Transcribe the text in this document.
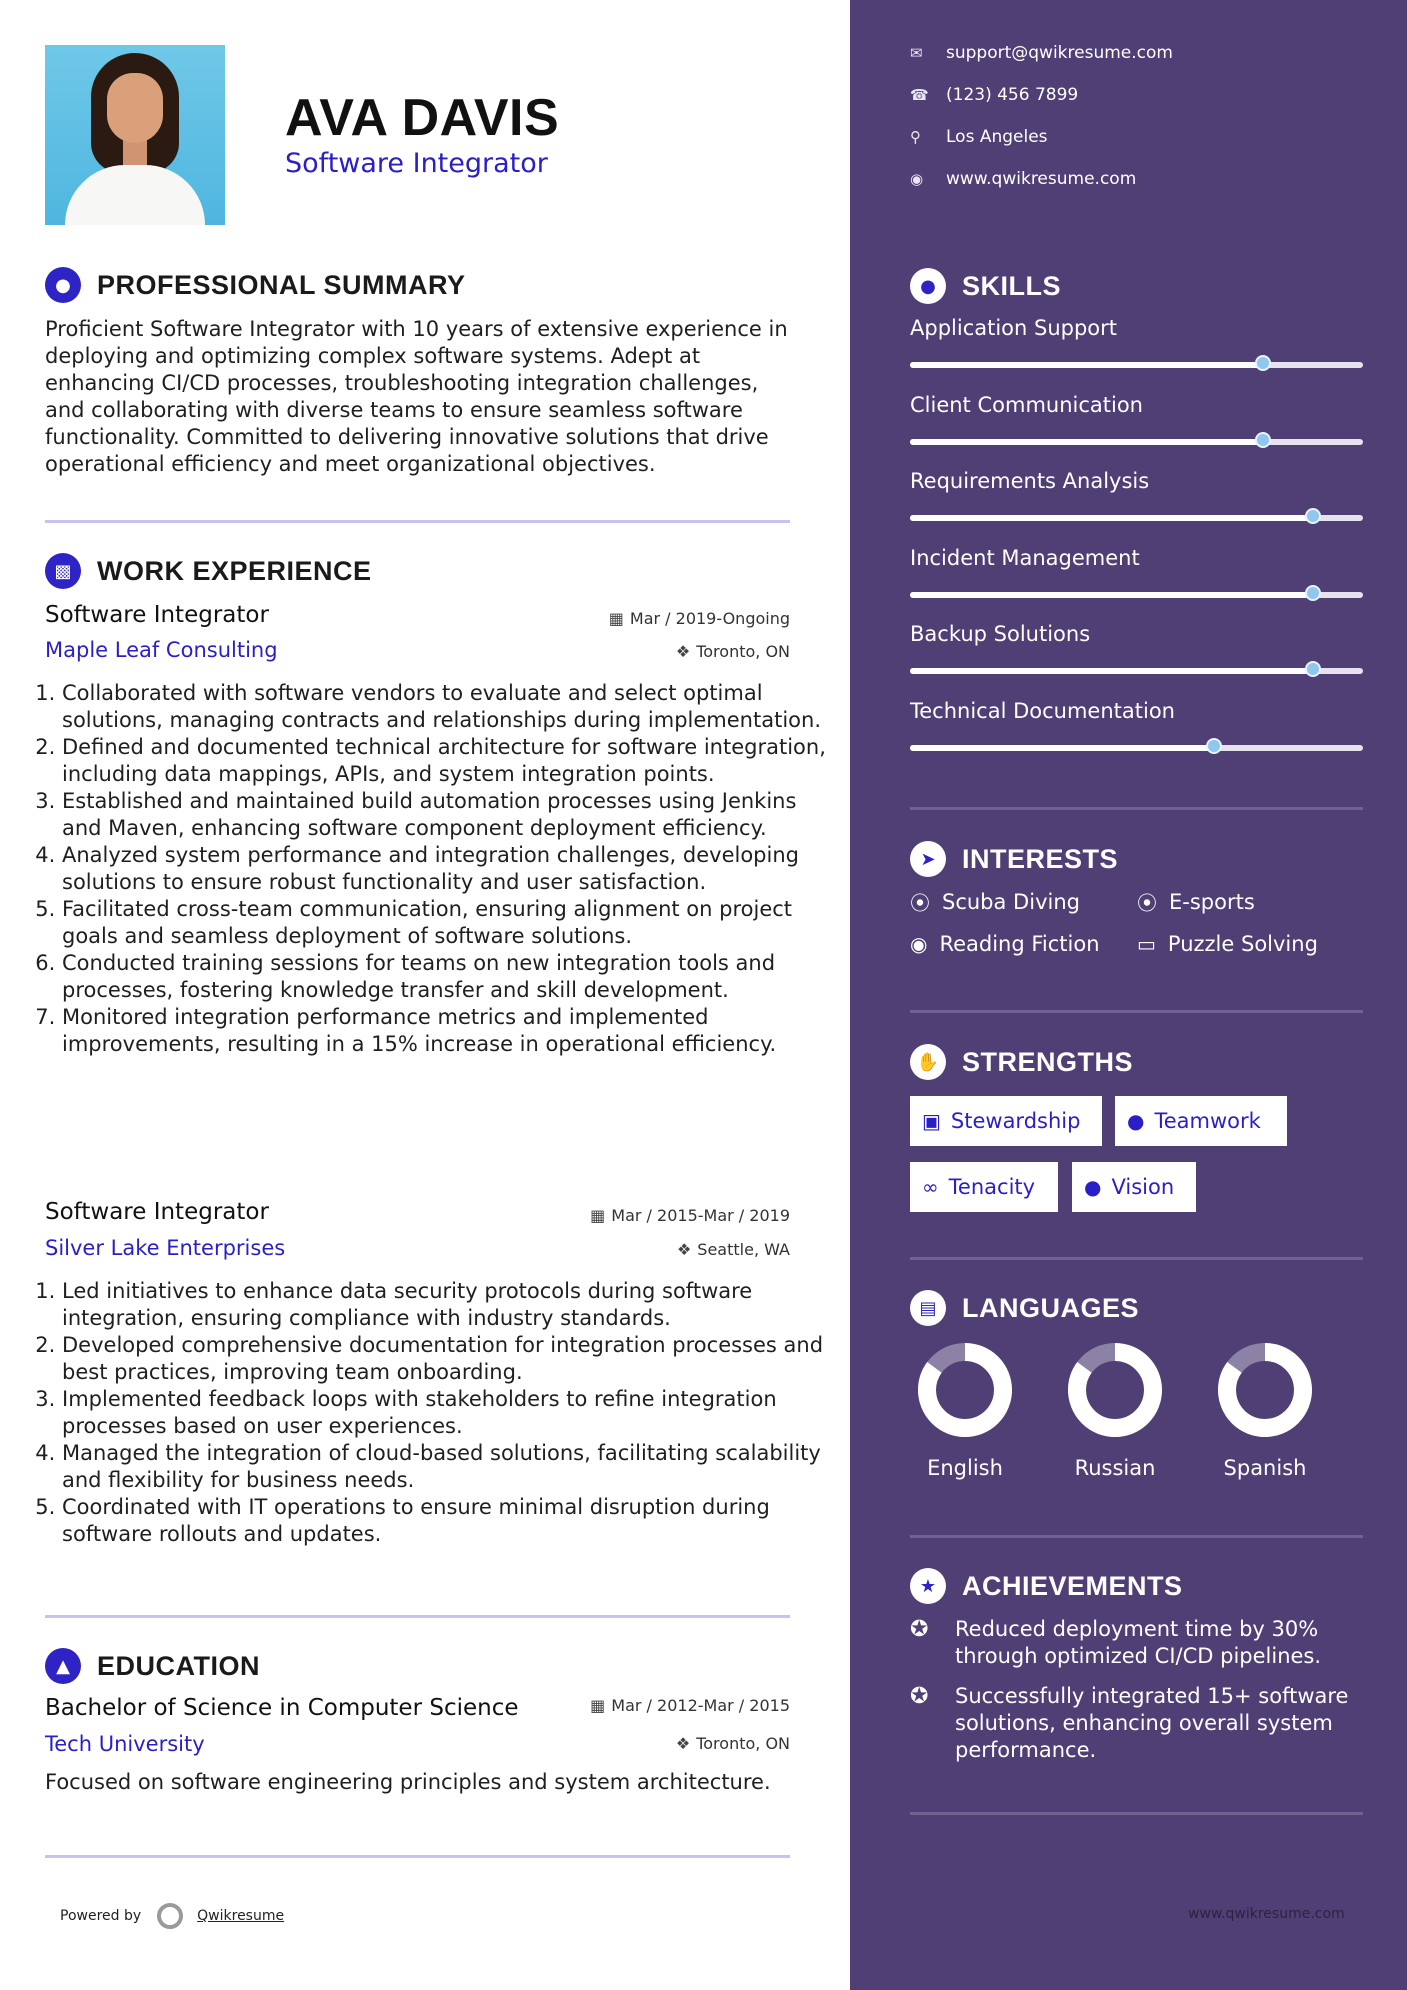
AVA DAVIS
Software Integrator
● PROFESSIONAL SUMMARY
Proficient Software Integrator with 10 years of extensive experience in deploying and optimizing complex software systems. Adept at enhancing CI/CD processes, troubleshooting integration challenges, and collaborating with diverse teams to ensure seamless software functionality. Committed to delivering innovative solutions that drive operational efficiency and meet organizational objectives.
▩ WORK EXPERIENCE
Software Integrator	▦ Mar / 2019-Ongoing
Maple Leaf Consulting	❖ Toronto, ON
1. Collaborated with software vendors to evaluate and select optimal solutions, managing contracts and relationships during implementation.
2. Defined and documented technical architecture for software integration, including data mappings, APIs, and system integration points.
3. Established and maintained build automation processes using Jenkins and Maven, enhancing software component deployment efficiency.
4. Analyzed system performance and integration challenges, developing solutions to ensure robust functionality and user satisfaction.
5. Facilitated cross-team communication, ensuring alignment on project goals and seamless deployment of software solutions.
6. Conducted training sessions for teams on new integration tools and processes, fostering knowledge transfer and skill development.
7. Monitored integration performance metrics and implemented improvements, resulting in a 15% increase in operational efficiency.
Software Integrator	▦ Mar / 2015-Mar / 2019
Silver Lake Enterprises	❖ Seattle, WA
1. Led initiatives to enhance data security protocols during software integration, ensuring compliance with industry standards.
2. Developed comprehensive documentation for integration processes and best practices, improving team onboarding.
3. Implemented feedback loops with stakeholders to refine integration processes based on user experiences.
4. Managed the integration of cloud-based solutions, facilitating scalability and flexibility for business needs.
5. Coordinated with IT operations to ensure minimal disruption during software rollouts and updates.
▲	EDUCATION
Bachelor of Science in Computer Science	▦ Mar / 2012-Mar / 2015
Tech University	❖ Toronto, ON
Focused on software engineering principles and system architecture.
Powered by	Qwikresume
✉	support@qwikresume.com
☎	(123) 456 7899
⚲	Los Angeles
◉	www.qwikresume.com
● SKILLS
Application Support
Client Communication
Requirements Analysis
Incident Management
Backup Solutions
Technical Documentation
➤ INTERESTS
⦿ Scuba Diving	⦿ E-sports
◉ Reading Fiction ▭ Puzzle Solving
✋ STRENGTHS
▣ Stewardship ● Teamwork
∞ Tenacity ● Vision
▤ LANGUAGES
English	Russian	Spanish
★ ACHIEVEMENTS
✪	Reduced deployment time by 30% through optimized CI/CD pipelines.
✪	Successfully integrated 15+ software solutions, enhancing overall system performance.
www.qwikresume.com
